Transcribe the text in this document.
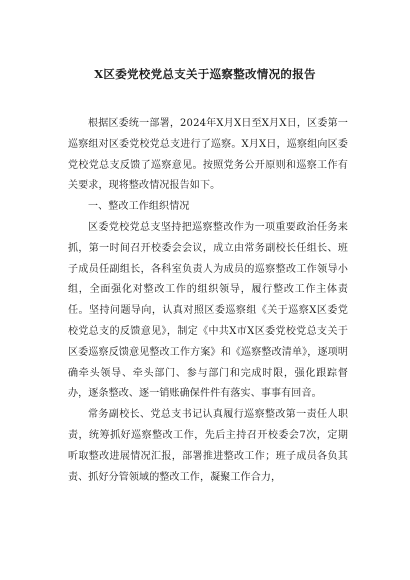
X区委党校党总支关于巡察整改情况的报告

根据区委统一部署，2024年X月X日至X月X日，区委第一巡察组对区委党校党总支进行了巡察。X月X日，巡察组向区委党校党总支反馈了巡察意见。按照党务公开原则和巡察工作有关要求，现将整改情况报告如下。

一、整改工作组织情况

区委党校党总支坚持把巡察整改作为一项重要政治任务来抓，第一时间召开校委会会议，成立由常务副校长任组长、班子成员任副组长，各科室负责人为成员的巡察整改工作领导小组，全面强化对整改工作的组织领导，履行整改工作主体责任。坚持问题导向，认真对照区委巡察组《关于巡察X区委党校党总支的反馈意见》，制定《中共X市X区委党校党总支关于区委巡察反馈意见整改工作方案》和《巡察整改清单》，逐项明确牵头领导、牵头部门、参与部门和完成时限，强化跟踪督办，逐条整改、逐一销账确保件件有落实、事事有回音。

常务副校长、党总支书记认真履行巡察整改第一责任人职责，统筹抓好巡察整改工作，先后主持召开校委会7次，定期听取整改进展情况汇报，部署推进整改工作；班子成员各负其责、抓好分管领域的整改工作，凝聚工作合力，
